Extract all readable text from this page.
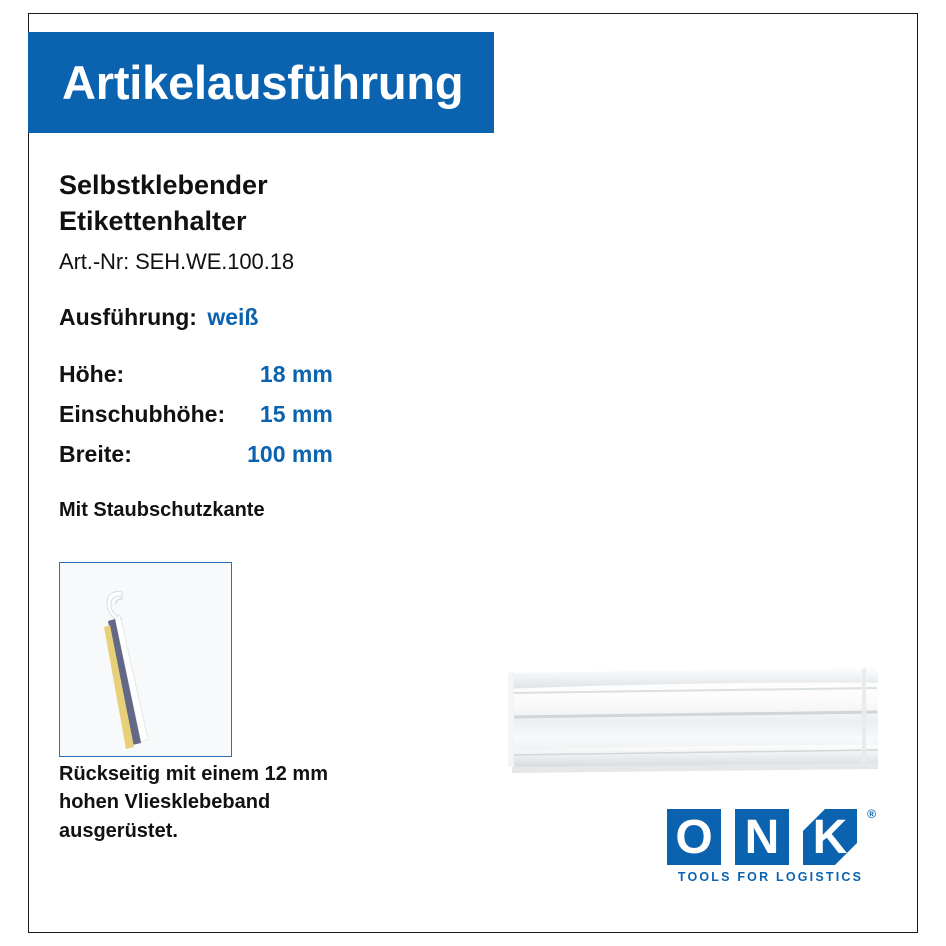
Artikelausführung
Selbstklebender
Etikettenhalter
Art.-Nr: SEH.WE.100.18
Ausführung: weiß
Höhe:	18 mm
Einschubhöhe:	15 mm
Breite:	100 mm
Mit Staubschutzkante
Rückseitig mit einem 12 mm
hohen Vliesklebeband
ausgerüstet.	O N K ®
TOOLS FOR LOGISTICS
